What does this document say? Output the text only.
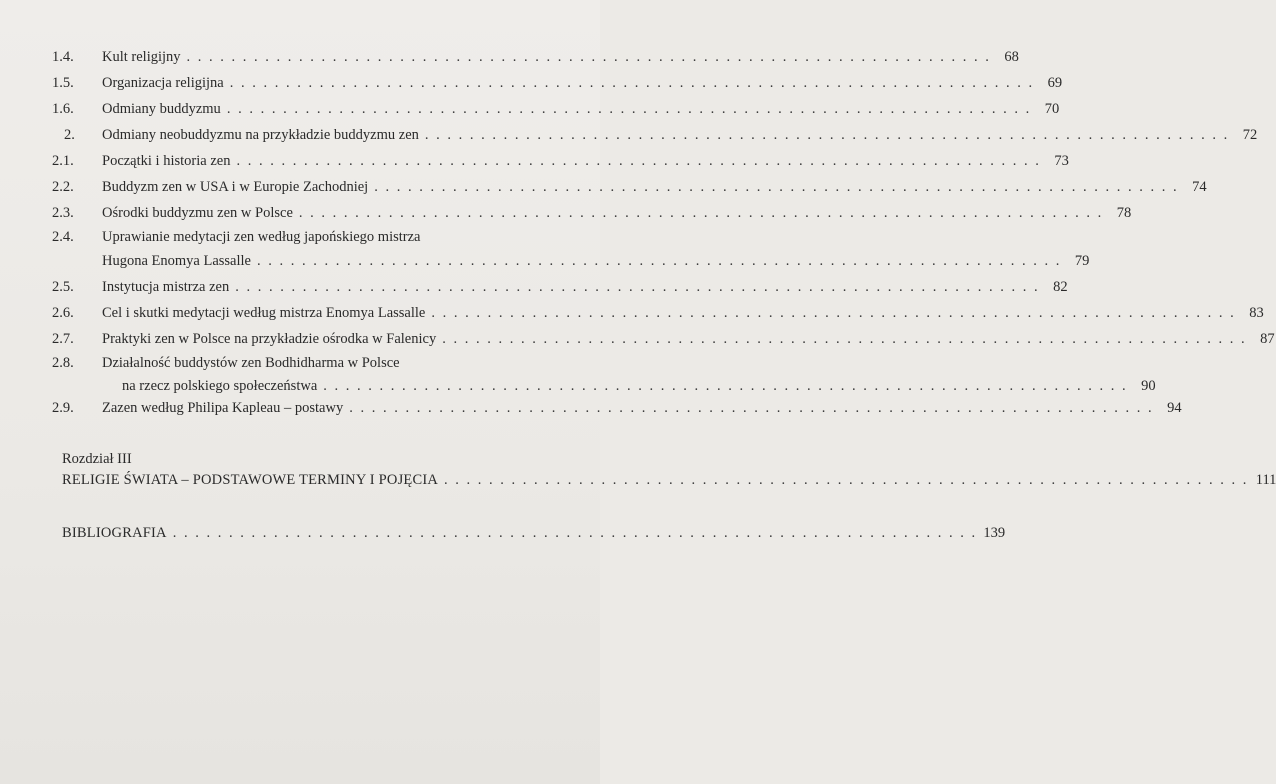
1.4.	Kult religijny . . . . . . . . . . . . . . . . . . . . . . . . . . . . . . . . . . . . . . . . . . . . . . . . . . . . . . . . . . . . . . . . . . . . . . . . 68
1.5.	Organizacja religijna . . . . . . . . . . . . . . . . . . . . . . . . . . . . . . . . . . . . . . . . . . . . . . . . . . . . . . . . . . . . . . . . . . . . . . . . 69
1.6.	Odmiany buddyzmu . . . . . . . . . . . . . . . . . . . . . . . . . . . . . . . . . . . . . . . . . . . . . . . . . . . . . . . . . . . . . . . . . . . . . . . . 70
2.	Odmiany neobuddyzmu na przykładzie buddyzmu zen . . . . . . . . . . . . . . . . . . . . . . . . . . . . . . . . . . . . . . . . . . . . . . . . . . . . . . . . . . . . . . . . . . . . . . . . 72
2.1.	Początki i historia zen . . . . . . . . . . . . . . . . . . . . . . . . . . . . . . . . . . . . . . . . . . . . . . . . . . . . . . . . . . . . . . . . . . . . . . . . 73
2.2.	Buddyzm zen w USA i w Europie Zachodniej . . . . . . . . . . . . . . . . . . . . . . . . . . . . . . . . . . . . . . . . . . . . . . . . . . . . . . . . . . . . . . . . . . . . . . . . 74
2.3.	Ośrodki buddyzmu zen w Polsce . . . . . . . . . . . . . . . . . . . . . . . . . . . . . . . . . . . . . . . . . . . . . . . . . . . . . . . . . . . . . . . . . . . . . . . . 78
2.4.	Uprawianie medytacji zen według japońskiego mistrza
Hugona Enomya Lassalle . . . . . . . . . . . . . . . . . . . . . . . . . . . . . . . . . . . . . . . . . . . . . . . . . . . . . . . . . . . . . . . . . . . . . . . . 79
2.5.	Instytucja mistrza zen . . . . . . . . . . . . . . . . . . . . . . . . . . . . . . . . . . . . . . . . . . . . . . . . . . . . . . . . . . . . . . . . . . . . . . . . 82
2.6.	Cel i skutki medytacji według mistrza Enomya Lassalle . . . . . . . . . . . . . . . . . . . . . . . . . . . . . . . . . . . . . . . . . . . . . . . . . . . . . . . . . . . . . . . . . . . . . . . . 83
2.7.	Praktyki zen w Polsce na przykładzie ośrodka w Falenicy . . . . . . . . . . . . . . . . . . . . . . . . . . . . . . . . . . . . . . . . . . . . . . . . . . . . . . . . . . . . . . . . . . . . . . . . 87
2.8.	Działalność buddystów zen Bodhidharma w Polsce
na rzecz polskiego społeczeństwa . . . . . . . . . . . . . . . . . . . . . . . . . . . . . . . . . . . . . . . . . . . . . . . . . . . . . . . . . . . . . . . . . . . . . . . . 90
2.9.	Zazen według Philipa Kapleau – postawy . . . . . . . . . . . . . . . . . . . . . . . . . . . . . . . . . . . . . . . . . . . . . . . . . . . . . . . . . . . . . . . . . . . . . . . . 94
Rozdział III
RELIGIE ŚWIATA – PODSTAWOWE TERMINY I POJĘCIA . . . . . . . . . . . . . . . . . . . . . . . . . . . . . . . . . . . . . . . . . . . . . . . . . . . . . . . . . . . . . . . . . . . . . . . . 111
BIBLIOGRAFIA . . . . . . . . . . . . . . . . . . . . . . . . . . . . . . . . . . . . . . . . . . . . . . . . . . . . . . . . . . . . . . . . . . . . . . . . 139
